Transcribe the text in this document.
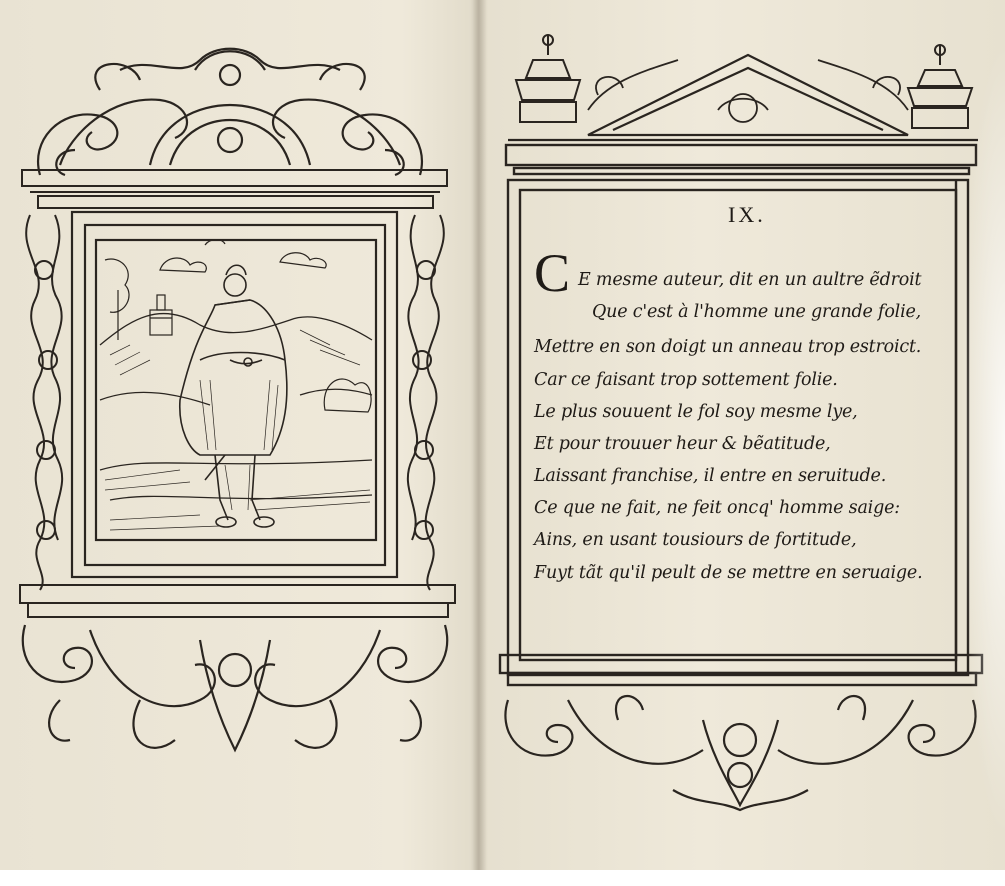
IX.
C E mesme auteur, dit en un aultre ẽdroit

Que c'est à l'homme une grande folie,

Mettre en son doigt un anneau trop estroict.

Car ce faisant trop sottement folie.

Le plus souuent le fol soy mesme lye,

Et pour trouuer heur & bẽatitude,

Laissant franchise, il entre en seruitude.

Ce que ne fait, ne feit oncq' homme saige:

Ains, en usant tousiours de fortitude,

Fuyt tãt qu'il peult de se mettre en seruaige.
